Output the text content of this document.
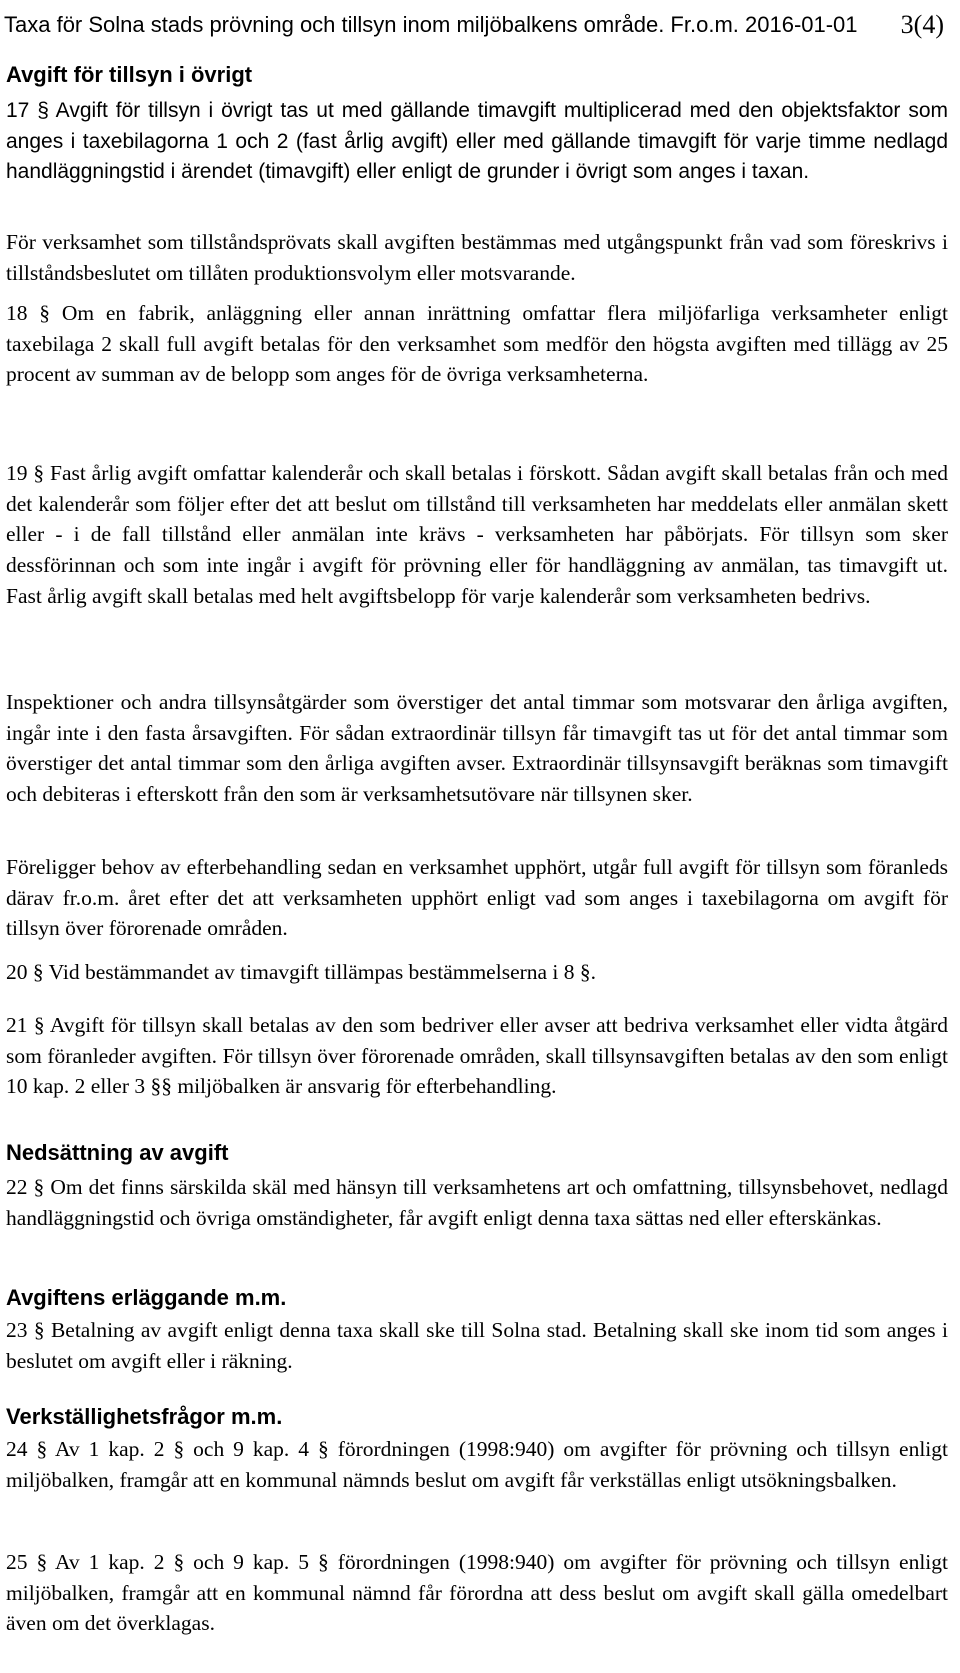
Taxa för Solna stads prövning och tillsyn inom miljöbalkens område. Fr.o.m. 2016-01-01 3(4)
Avgift för tillsyn i övrigt

17 § Avgift för tillsyn i övrigt tas ut med gällande timavgift multiplicerad med den objektsfaktor som anges i taxebilagorna 1 och 2 (fast årlig avgift) eller med gällande timavgift för varje timme nedlagd handläggningstid i ärendet (timavgift) eller enligt de grunder i övrigt som anges i taxan.

För verksamhet som tillståndsprövats skall avgiften bestämmas med utgångspunkt från vad som föreskrivs i tillståndsbeslutet om tillåten produktionsvolym eller motsvarande.

18 § Om en fabrik, anläggning eller annan inrättning omfattar flera miljöfarliga verksamheter enligt taxebilaga 2 skall full avgift betalas för den verksamhet som medför den högsta avgiften med tillägg av 25 procent av summan av de belopp som anges för de övriga verksamheterna.

19 § Fast årlig avgift omfattar kalenderår och skall betalas i förskott. Sådan avgift skall betalas från och med det kalenderår som följer efter det att beslut om tillstånd till verksamheten har meddelats eller anmälan skett eller - i de fall tillstånd eller anmälan inte krävs - verksamheten har påbörjats. För tillsyn som sker dessförinnan och som inte ingår i avgift för prövning eller för handläggning av anmälan, tas timavgift ut. Fast årlig avgift skall betalas med helt avgiftsbelopp för varje kalenderår som verksamheten bedrivs.

Inspektioner och andra tillsynsåtgärder som överstiger det antal timmar som motsvarar den årliga avgiften, ingår inte i den fasta årsavgiften. För sådan extraordinär tillsyn får timavgift tas ut för det antal timmar som överstiger det antal timmar som den årliga avgiften avser. Extraordinär tillsynsavgift beräknas som timavgift och debiteras i efterskott från den som är verksamhetsutövare när tillsynen sker.

Föreligger behov av efterbehandling sedan en verksamhet upphört, utgår full avgift för tillsyn som föranleds därav fr.o.m. året efter det att verksamheten upphört enligt vad som anges i taxebilagorna om avgift för tillsyn över förorenade områden.

20 § Vid bestämmandet av timavgift tillämpas bestämmelserna i 8 §.

21 § Avgift för tillsyn skall betalas av den som bedriver eller avser att bedriva verksamhet eller vidta åtgärd som föranleder avgiften. För tillsyn över förorenade områden, skall tillsynsavgiften betalas av den som enligt 10 kap. 2 eller 3 §§ miljöbalken är ansvarig för efterbehandling.

Nedsättning av avgift

22 § Om det finns särskilda skäl med hänsyn till verksamhetens art och omfattning, tillsynsbehovet, nedlagd handläggningstid och övriga omständigheter, får avgift enligt denna taxa sättas ned eller efterskänkas.

Avgiftens erläggande m.m.

23 § Betalning av avgift enligt denna taxa skall ske till Solna stad. Betalning skall ske inom tid som anges i beslutet om avgift eller i räkning.

Verkställighetsfrågor m.m.

24 § Av 1 kap. 2 § och 9 kap. 4 § förordningen (1998:940) om avgifter för prövning och tillsyn enligt miljöbalken, framgår att en kommunal nämnds beslut om avgift får verkställas enligt utsökningsbalken.

25 § Av 1 kap. 2 § och 9 kap. 5 § förordningen (1998:940) om avgifter för prövning och tillsyn enligt miljöbalken, framgår att en kommunal nämnd får förordna att dess beslut om avgift skall gälla omedelbart även om det överklagas.
